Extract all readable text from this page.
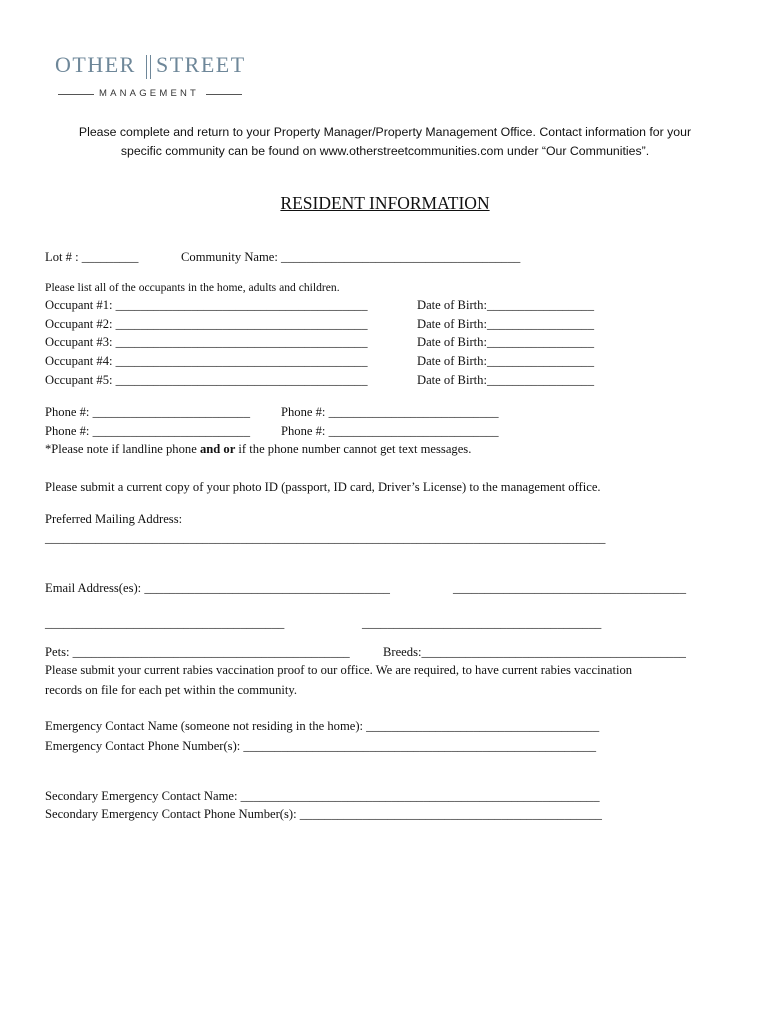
OTHER STREET
MANAGEMENT
Please complete and return to your Property Manager/Property Management Office. Contact information for your
specific community can be found on www.otherstreetcommunities.com under “Our Communities”.
RESIDENT INFORMATION
Lot # : _________	Community Name: ______________________________________
Please list all of the occupants in the home, adults and children.
Occupant #1: ________________________________________	Date of Birth:_________________
Occupant #2: ________________________________________	Date of Birth:_________________
Occupant #3: ________________________________________	Date of Birth:_________________
Occupant #4: ________________________________________	Date of Birth:_________________
Occupant #5: ________________________________________	Date of Birth:_________________
Phone #: _________________________ Phone #: ___________________________
Phone #: _________________________ Phone #: ___________________________
*Please note if landline phone and or if the phone number cannot get text messages.
Please submit a current copy of your photo ID (passport, ID card, Driver’s License) to the management office.
Preferred Mailing Address:
_________________________________________________________________________________________
Email Address(es): _______________________________________	_____________________________________
______________________________________	______________________________________
Pets: ____________________________________________	Breeds:__________________________________________
Please submit your current rabies vaccination proof to our office. We are required, to have current rabies vaccination
records on file for each pet within the community.
Emergency Contact Name (someone not residing in the home): _____________________________________
Emergency Contact Phone Number(s): ________________________________________________________
Secondary Emergency Contact Name: _________________________________________________________
Secondary Emergency Contact Phone Number(s): ________________________________________________
